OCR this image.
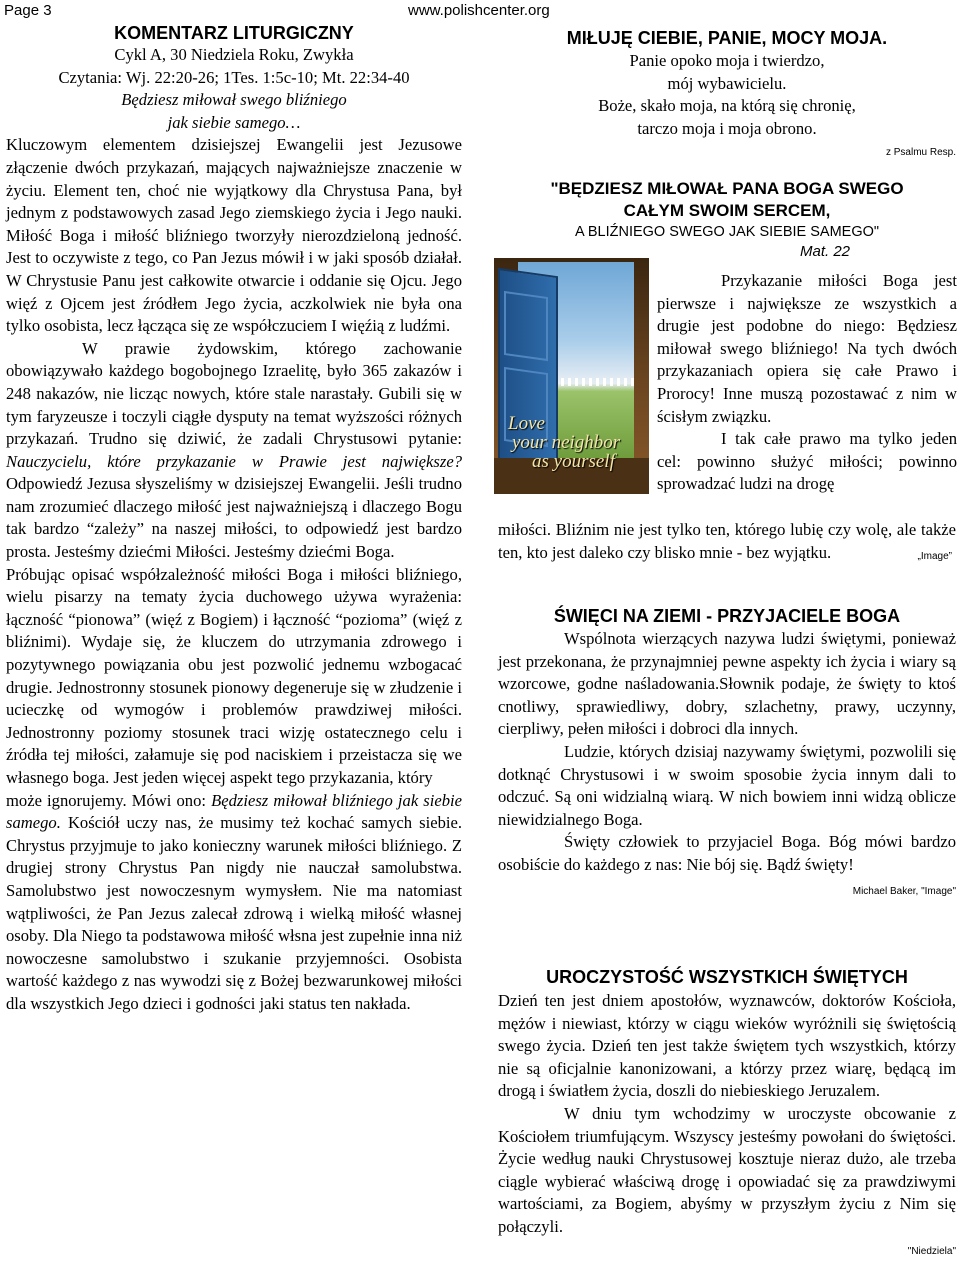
Page 3	www.polishcenter.org
KOMENTARZ LITURGICZNY
Cykl A, 30 Niedziela Roku, Zwykła
Czytania: Wj. 22:20-26; 1Tes. 1:5c-10; Mt. 22:34-40
Będziesz miłował swego bliźniego
jak siebie samego…

Kluczowym elementem dzisiejszej Ewangelii jest Jezusowe złączenie dwóch przykazań, mających najważniejsze znaczenie w życiu. Element ten, choć nie wyjątkowy dla Chrystusa Pana, był jednym z podstawowych zasad Jego ziemskiego życia i Jego nauki. Miłość Boga i miłość bliźniego tworzyły nierozdzieloną jedność. Jest to oczywiste z tego, co Pan Jezus mówił i w jaki sposób działał. W Chrystusie Panu jest całkowite otwarcie i oddanie się Ojcu. Jego więź z Ojcem jest źródłem Jego życia, aczkolwiek nie była ona tylko osobista, lecz łącząca się ze współczuciem I więźią z ludźmi.

W prawie żydowskim, którego zachowanie obowiązywało każdego bogobojnego Izraelitę, było 365 zakazów i 248 nakazów, nie licząc nowych, które stale narastały. Gubili się w tym faryzeusze i toczyli ciągłe dysputy na temat wyższości różnych przykazań. Trudno się dziwić, że zadali Chrystusowi pytanie: Nauczycielu, które przykazanie w Prawie jest największe? Odpowiedź Jezusa słyszeliśmy w dzisiejszej Ewangelii. Jeśli trudno nam zrozumieć dlaczego miłość jest najważniejszą i dlaczego Bogu tak bardzo “zależy” na naszej miłości, to odpowiedź jest bardzo prosta. Jesteśmy dziećmi Miłości. Jesteśmy dziećmi Boga.

Próbując opisać współzależność miłości Boga i miłości bliźniego, wielu pisarzy na tematy życia duchowego używa wyrażenia: łączność “pionowa” (więź z Bogiem) i łączność “pozioma” (więź z bliźnimi). Wydaje się, że kluczem do utrzymania zdrowego i pozytywnego powiązania obu jest pozwolić jednemu wzbogacać drugie. Jednostronny stosunek pionowy degeneruje się w złudzenie i ucieczkę od wymogów i problemów prawdziwej miłości. Jednostronny poziomy stosunek traci wizję ostatecznego celu i źródła tej miłości, załamuje się pod naciskiem i przeistacza się we własnego boga. Jest jeden więcej aspekt tego przykazania, który
może ignorujemy. Mówi ono: Będziesz miłował bliźniego jak siebie samego. Kościół uczy nas, że musimy też kochać samych siebie. Chrystus przyjmuje to jako konieczny warunek miłości bliźniego. Z drugiej strony Chrystus Pan nigdy nie nauczał samolubstwa. Samolubstwo jest nowoczesnym wymysłem. Nie ma natomiast wątpliwości, że Pan Jezus zalecał zdrową i wielką miłość własnej osoby. Dla Niego ta podstawowa miłość włsna jest zupełnie inna niż nowoczesne samolubstwo i szukanie przyjemności. Osobista wartość każdego z nas wywodzi się z Bożej bezwarunkowej miłości dla wszystkich Jego dzieci i godności jaki status ten nakłada.

MIŁUJĘ CIEBIE, PANIE, MOCY MOJA.
Panie opoko moja i twierdzo,
mój wybawicielu.
Boże, skało moja, na którą się chronię,
tarczo moja i moja obrono.
z Psalmu Resp.
"BĘDZIESZ MIŁOWAŁ PANA BOGA SWEGO
CAŁYM SWOIM SERCEM,
A BLIŹNIEGO SWEGO JAK SIEBIE SAMEGO"
Mat. 22
Love
your neighbor
as yourself

Przykazanie miłości Boga jest pierwsze i największe ze wszystkich a drugie jest podobne do niego: Będziesz miłował swego bliźniego! Na tych dwóch przykazaniach opiera się całe Prawo i Prorocy! Inne muszą pozostawać z nim w ścisłym związku.

I tak całe prawo ma tylko jeden cel: powinno służyć miłości; powinno sprowadzać ludzi na drogę

miłości. Bliźnim nie jest tylko ten, którego lubię czy wolę, ale także ten, kto jest daleko czy blisko mnie - bez wyjątku.	„Image”
ŚWIĘCI NA ZIEMI - PRZYJACIELE BOGA

Wspólnota wierzących nazywa ludzi świętymi, ponieważ jest przekonana, że przynajmniej pewne aspekty ich życia i wiary są wzorcowe, godne naśladowania.Słownik podaje, że święty to ktoś cnotliwy, sprawiedliwy, dobry, szlachetny, prawy, uczynny, cierpliwy, pełen miłości i dobroci dla innych.

Ludzie, których dzisiaj nazywamy świętymi, pozwolili się dotknąć Chrystusowi i w swoim sposobie życia innym dali to odczuć. Są oni widzialną wiarą. W nich bowiem inni widzą oblicze niewidzialnego Boga.

Święty człowiek to przyjaciel Boga. Bóg mówi bardzo osobiście do każdego z nas: Nie bój się. Bądź święty!

Michael Baker, "Image"
UROCZYSTOŚĆ WSZYSTKICH ŚWIĘTYCH

Dzień ten jest dniem apostołów, wyznawców, doktorów Kościoła, mężów i niewiast, którzy w ciągu wieków wyróżnili się świętością swego życia. Dzień ten jest także świętem tych wszystkich, którzy nie są oficjalnie kanonizowani, a którzy przez wiarę, będącą im drogą i światłem życia, doszli do niebieskiego Jeruzalem.

W dniu tym wchodzimy w uroczyste obcowanie z Kościołem triumfującym. Wszyscy jesteśmy powołani do świętości. Życie według nauki Chrystusowej kosztuje nieraz dużo, ale trzeba ciągle wybierać właściwą drogę i opowiadać się za prawdziwymi wartościami, za Bogiem, abyśmy w przyszłym życiu z Nim się połączyli.

"Niedziela"
